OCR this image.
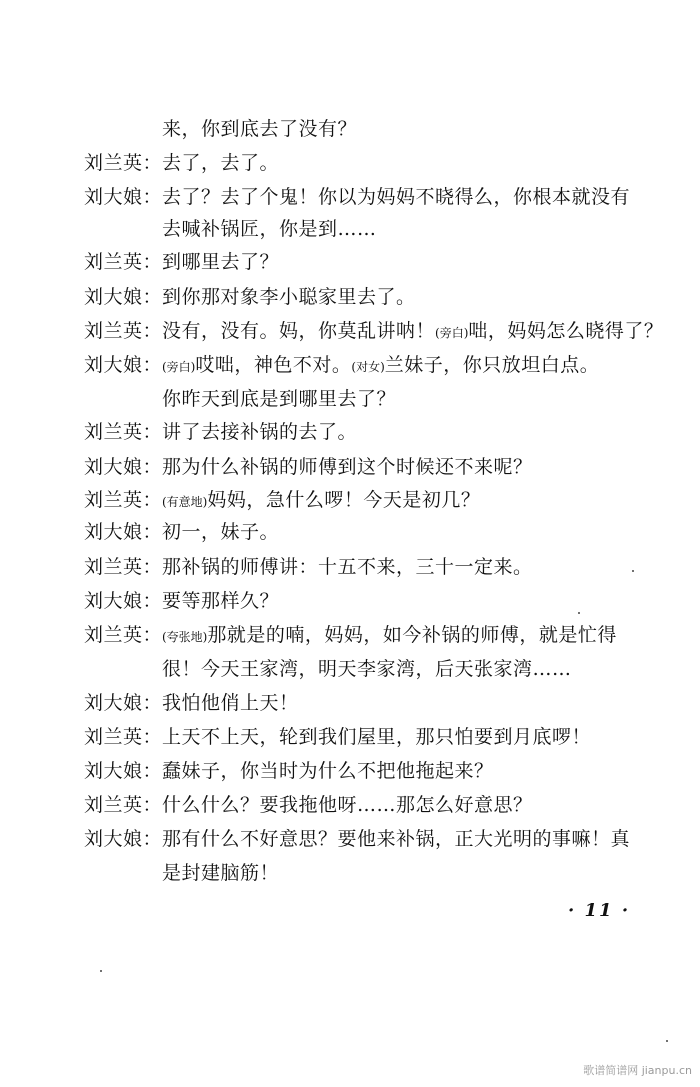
来，你到底去了没有？
刘兰英： 去了，去了。
刘大娘： 去了？去了个鬼！你以为妈妈不晓得么，你根本就没有
去喊补锅匠，你是到……
刘兰英： 到哪里去了？
刘大娘： 到你那对象李小聪家里去了。
刘兰英： 没有，没有。妈，你莫乱讲呐！(旁白)咄，妈妈怎么晓得了？
刘大娘： (旁白)哎咄，神色不对。(对女)兰妹子，你只放坦白点。
你昨天到底是到哪里去了？
刘兰英： 讲了去接补锅的去了。
刘大娘： 那为什么补锅的师傅到这个时候还不来呢？
刘兰英： (有意地)妈妈，急什么啰！今天是初几？
刘大娘： 初一，妹子。
刘兰英： 那补锅的师傅讲：十五不来，三十一定来。
刘大娘： 要等那样久？
刘兰英： (夸张地)那就是的喃，妈妈，如今补锅的师傅，就是忙得
很！今天王家湾，明天李家湾，后天张家湾……
刘大娘： 我怕他俏上天！
刘兰英： 上天不上天，轮到我们屋里，那只怕要到月底啰！
刘大娘： 蠢妹子，你当时为什么不把他拖起来？
刘兰英： 什么什么？要我拖他呀……那怎么好意思？
刘大娘： 那有什么不好意思？要他来补锅，正大光明的事嘛！真
是封建脑筋！
· 11 ·
歌谱简谱网 jianpu.cn
